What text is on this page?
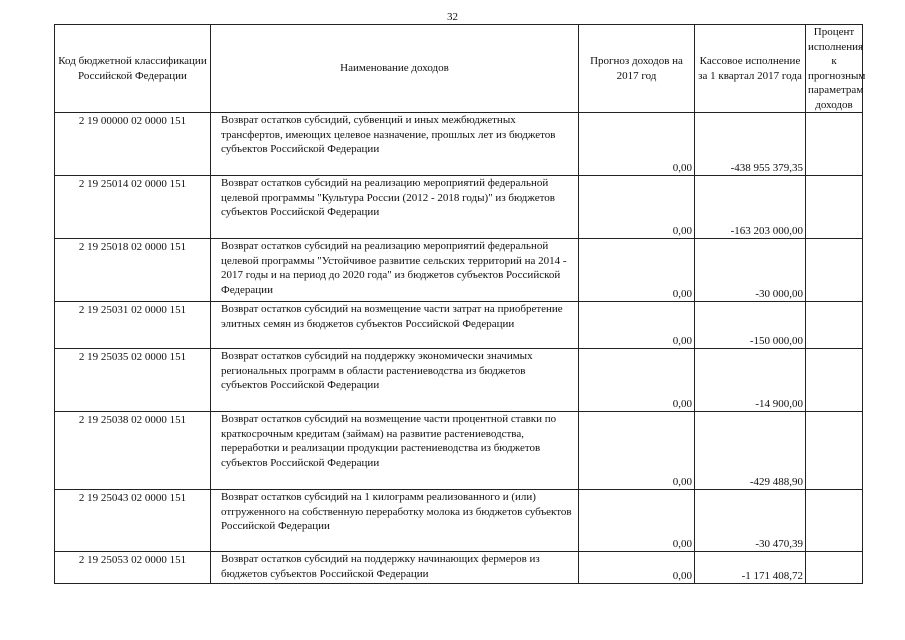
32
Код бюджетной классификации Российской Федерации	Наименование доходов	Прогноз доходов на 2017 год	Кассовое исполнение за 1 квартал 2017 года	Процент исполнения к прогнозным параметрам доходов
2 19 00000 02 0000 151	Возврат остатков субсидий, субвенций и иных межбюджетных трансфертов, имеющих целевое назначение, прошлых лет из бюджетов субъектов Российской Федерации	0,00	-438 955 379,35	
2 19 25014 02 0000 151	Возврат остатков субсидий на реализацию мероприятий федеральной целевой программы "Культура России (2012 - 2018 годы)" из бюджетов субъектов Российской Федерации	0,00	-163 203 000,00	
2 19 25018 02 0000 151	Возврат остатков субсидий на реализацию мероприятий федеральной целевой программы "Устойчивое развитие сельских территорий на 2014 - 2017 годы и на период до 2020 года" из бюджетов субъектов Российской Федерации	0,00	-30 000,00	
2 19 25031 02 0000 151	Возврат остатков субсидий на возмещение части затрат на приобретение элитных семян из бюджетов субъектов Российской Федерации	0,00	-150 000,00	
2 19 25035 02 0000 151	Возврат остатков субсидий на поддержку экономически значимых региональных программ в области растениеводства из бюджетов субъектов Российской Федерации	0,00	-14 900,00	
2 19 25038 02 0000 151	Возврат остатков субсидий на возмещение части процентной ставки по краткосрочным кредитам (займам) на развитие растениеводства, переработки и реализации продукции растениеводства из бюджетов субъектов Российской Федерации	0,00	-429 488,90	
2 19 25043 02 0000 151	Возврат остатков субсидий на 1 килограмм реализованного и (или) отгруженного на собственную переработку молока из бюджетов субъектов Российской Федерации	0,00	-30 470,39	
2 19 25053 02 0000 151	Возврат остатков субсидий на поддержку начинающих фермеров из бюджетов субъектов Российской Федерации	0,00	-1 171 408,72	
